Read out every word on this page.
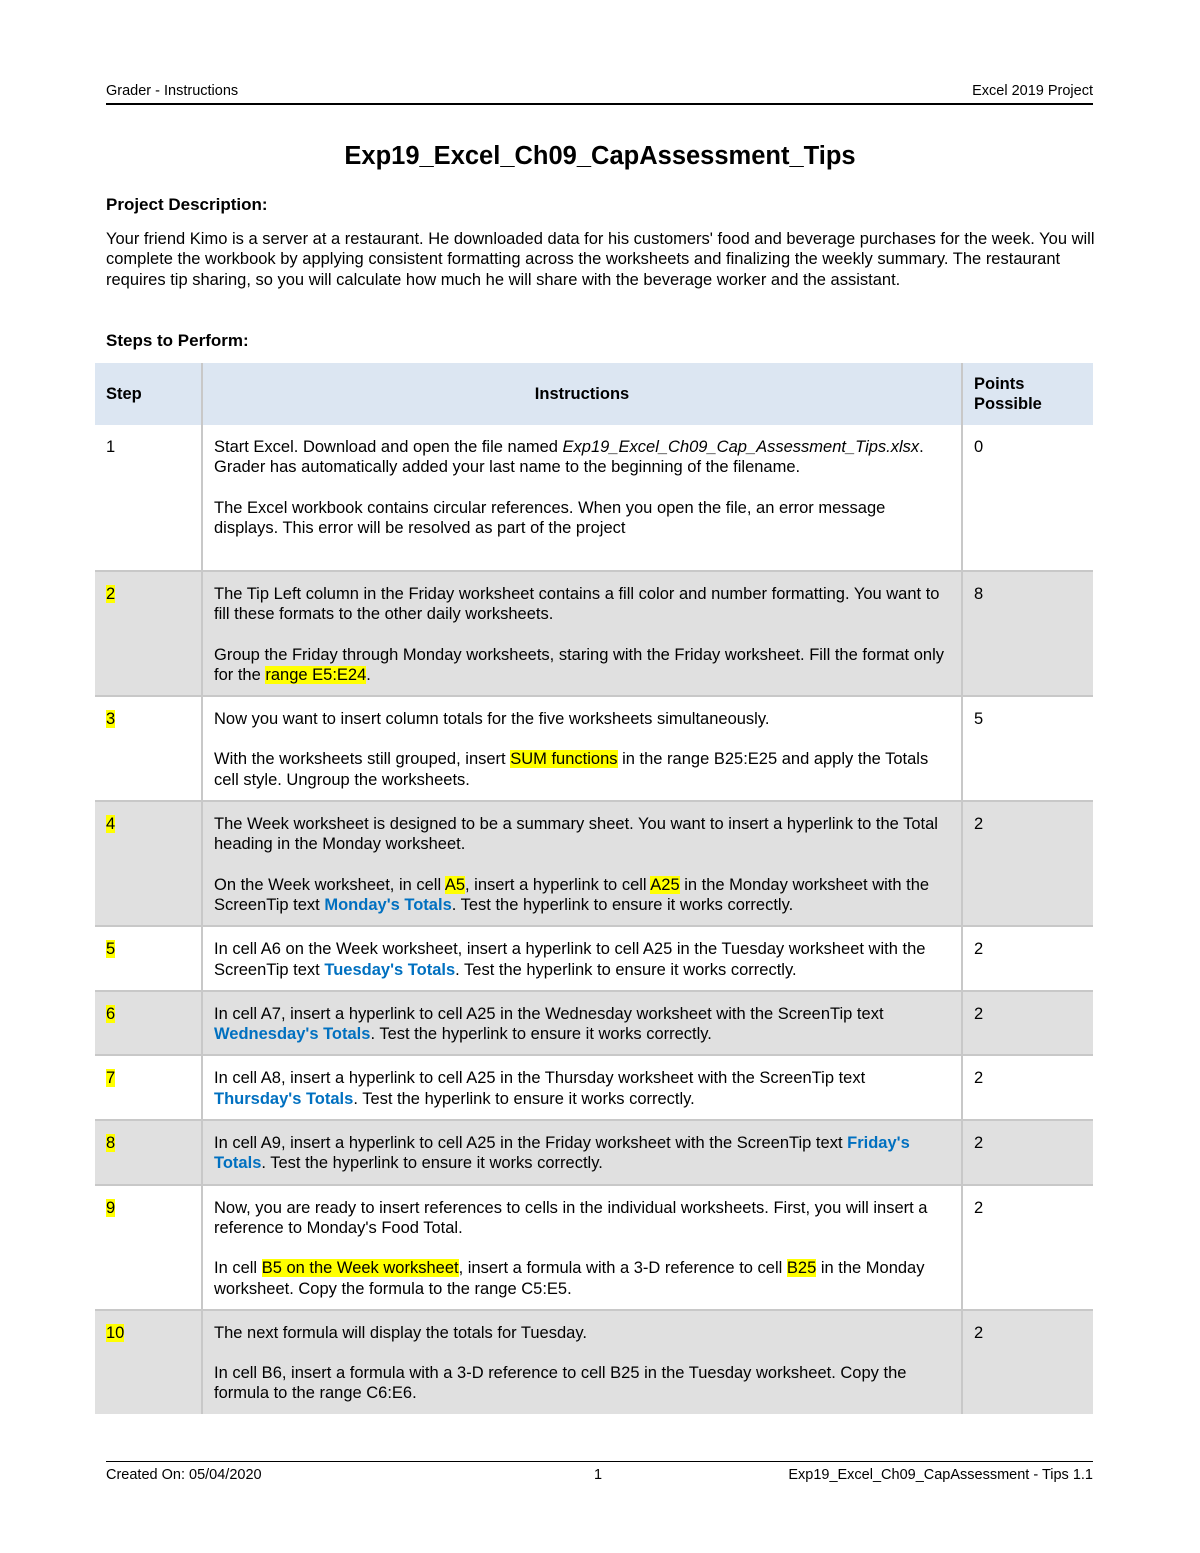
Grader - Instructions	Excel 2019 Project
Exp19_Excel_Ch09_CapAssessment_Tips
Project Description:
Your friend Kimo is a server at a restaurant. He downloaded data for his customers' food and beverage purchases for the week. You will complete the workbook by applying consistent formatting across the worksheets and finalizing the weekly summary. The restaurant requires tip sharing, so you will calculate how much he will share with the beverage worker and the assistant.
Steps to Perform:
Step	Instructions	Points Possible
1	Start Excel. Download and open the file named Exp19_Excel_Ch09_Cap_Assessment_Tips.xlsx. Grader has automatically added your last name to the beginning of the filename.

The Excel workbook contains circular references. When you open the file, an error message displays. This error will be resolved as part of the project	0
2	The Tip Left column in the Friday worksheet contains a fill color and number formatting. You want to fill these formats to the other daily worksheets.

Group the Friday through Monday worksheets, staring with the Friday worksheet. Fill the format only for the range E5:E24.	8
3	Now you want to insert column totals for the five worksheets simultaneously.

With the worksheets still grouped, insert SUM functions in the range B25:E25 and apply the Totals cell style. Ungroup the worksheets.	5
4	The Week worksheet is designed to be a summary sheet. You want to insert a hyperlink to the Total heading in the Monday worksheet.

On the Week worksheet, in cell A5, insert a hyperlink to cell A25 in the Monday worksheet with the ScreenTip text Monday's Totals. Test the hyperlink to ensure it works correctly.	2
5	In cell A6 on the Week worksheet, insert a hyperlink to cell A25 in the Tuesday worksheet with the ScreenTip text Tuesday's Totals. Test the hyperlink to ensure it works correctly.	2
6	In cell A7, insert a hyperlink to cell A25 in the Wednesday worksheet with the ScreenTip text Wednesday's Totals. Test the hyperlink to ensure it works correctly.	2
7	In cell A8, insert a hyperlink to cell A25 in the Thursday worksheet with the ScreenTip text Thursday's Totals. Test the hyperlink to ensure it works correctly.	2
8	In cell A9, insert a hyperlink to cell A25 in the Friday worksheet with the ScreenTip text Friday's Totals. Test the hyperlink to ensure it works correctly.	2
9	Now, you are ready to insert references to cells in the individual worksheets. First, you will insert a reference to Monday's Food Total.

In cell B5 on the Week worksheet, insert a formula with a 3-D reference to cell B25 in the Monday worksheet. Copy the formula to the range C5:E5.	2
10	The next formula will display the totals for Tuesday.

In cell B6, insert a formula with a 3-D reference to cell B25 in the Tuesday worksheet. Copy the formula to the range C6:E6.	2
Created On: 05/04/2020	1	Exp19_Excel_Ch09_CapAssessment - Tips 1.1
